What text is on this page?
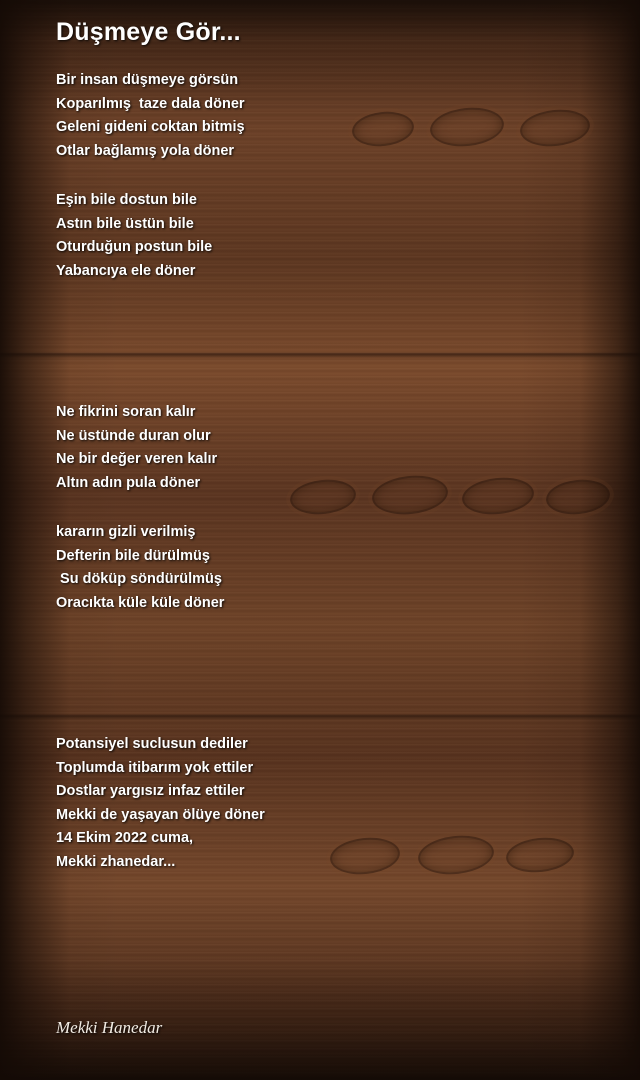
Düşmeye Gör...
Bir insan düşmeye görsün
Koparılmış  taze dala döner
Geleni gideni coktan bitmiş
Otlar bağlamış yola döner
Eşin bile dostun bile
Astın bile üstün bile
Oturduğun postun bile
Yabancıya ele döner
Ne fikrini soran kalır
Ne üstünde duran olur
Ne bir değer veren kalır
Altın adın pula döner
kararın gizli verilmiş
Defterin bile dürülmüş
Su döküp söndürülmüş
Oracıkta küle küle döner
Potansiyel suclusun dediler
Toplumda itibarım yok ettiler
Dostlar yargısız infaz ettiler
Mekki de yaşayan ölüye döner
14 Ekim 2022 cuma,
Mekki zhanedar...
Mekki Hanedar
